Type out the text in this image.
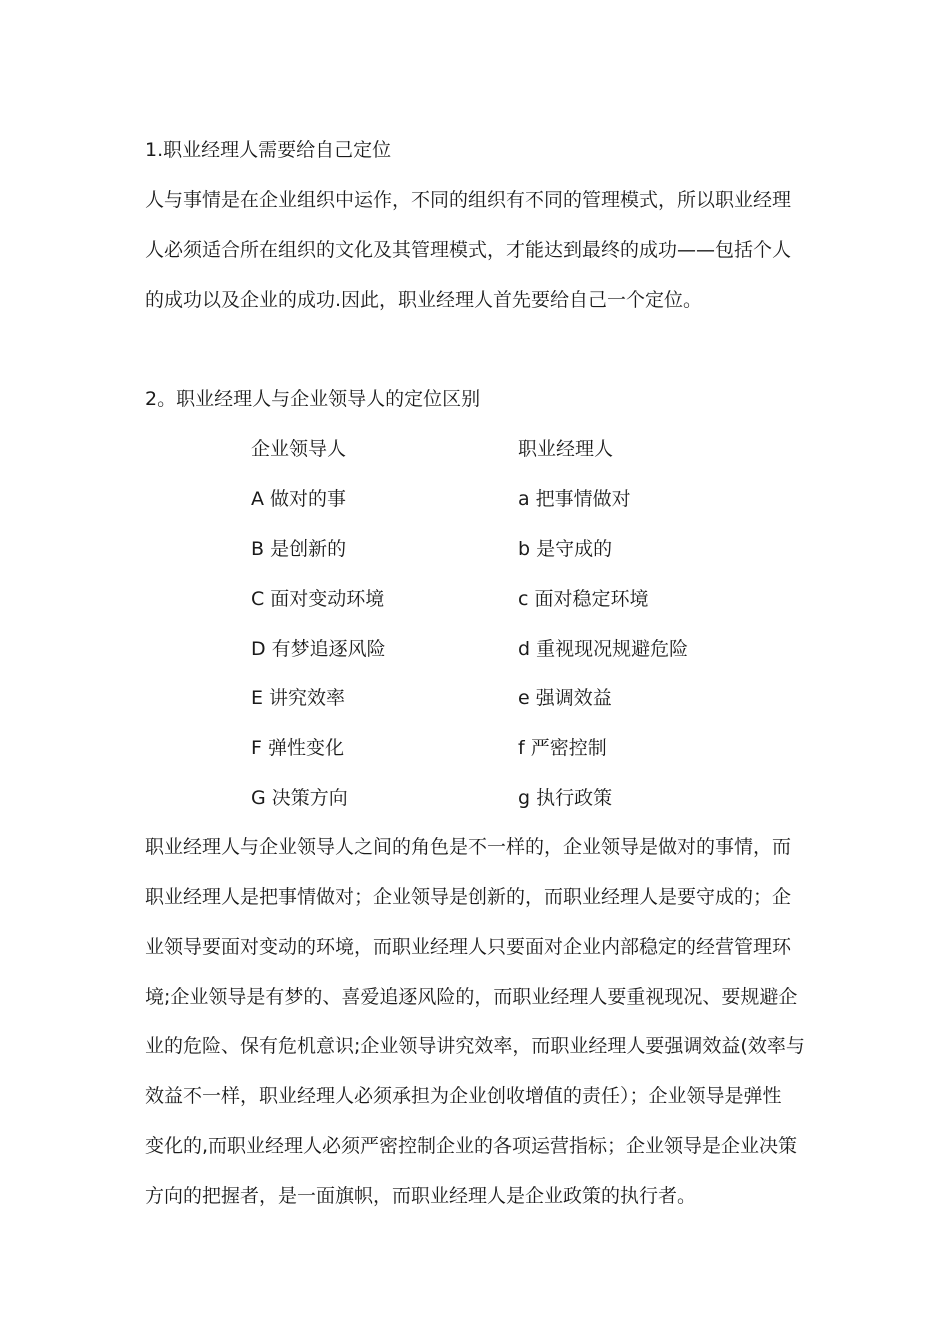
1.职业经理人需要给自己定位
人与事情是在企业组织中运作，不同的组织有不同的管理模式，所以职业经理
人必须适合所在组织的文化及其管理模式，才能达到最终的成功——包括个人
的成功以及企业的成功.因此，职业经理人首先要给自己一个定位。
2。职业经理人与企业领导人的定位区别
企业领导人	职业经理人
A 做对的事	a 把事情做对
B 是创新的	b 是守成的
C 面对变动环境	c 面对稳定环境
D 有梦追逐风险	d 重视现况规避危险
E 讲究效率	e 强调效益
F 弹性变化	f 严密控制
G 决策方向	g 执行政策
职业经理人与企业领导人之间的角色是不一样的，企业领导是做对的事情，而
职业经理人是把事情做对；企业领导是创新的，而职业经理人是要守成的；企
业领导要面对变动的环境，而职业经理人只要面对企业内部稳定的经营管理环
境;企业领导是有梦的、喜爱追逐风险的，而职业经理人要重视现况、要规避企
业的危险、保有危机意识;企业领导讲究效率，而职业经理人要强调效益(效率与
效益不一样，职业经理人必须承担为企业创收增值的责任）；企业领导是弹性
变化的,而职业经理人必须严密控制企业的各项运营指标；企业领导是企业决策
方向的把握者，是一面旗帜，而职业经理人是企业政策的执行者。
